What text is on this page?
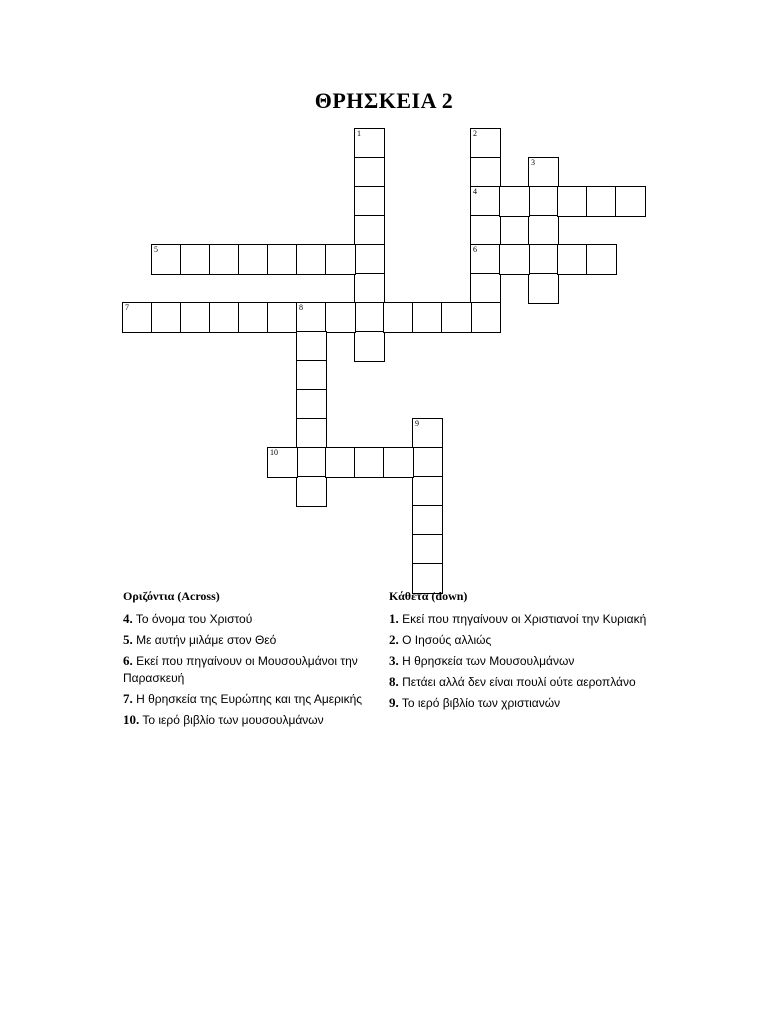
ΘΡΗΣΚΕΙΑ 2
1	2
4
6
3
5
7	8
9
10
Οριζόντια (Across)
4. Το όνομα του Χριστού
5. Με αυτήν μιλάμε στον Θεό
6. Εκεί που πηγαίνουν οι Μουσουλμάνοι την Παρασκευή
7. Η θρησκεία της Ευρώπης και της Αμερικής
10. Το ιερό βιβλίο των μουσουλμάνων
Κάθετα (down)
1. Εκεί που πηγαίνουν οι Χριστιανοί την Κυριακή
2. Ο Ιησούς αλλιώς
3. Η θρησκεία των Μουσουλμάνων
8. Πετάει αλλά δεν είναι πουλί ούτε αεροπλάνο
9. Το ιερό βιβλίο των χριστιανών
